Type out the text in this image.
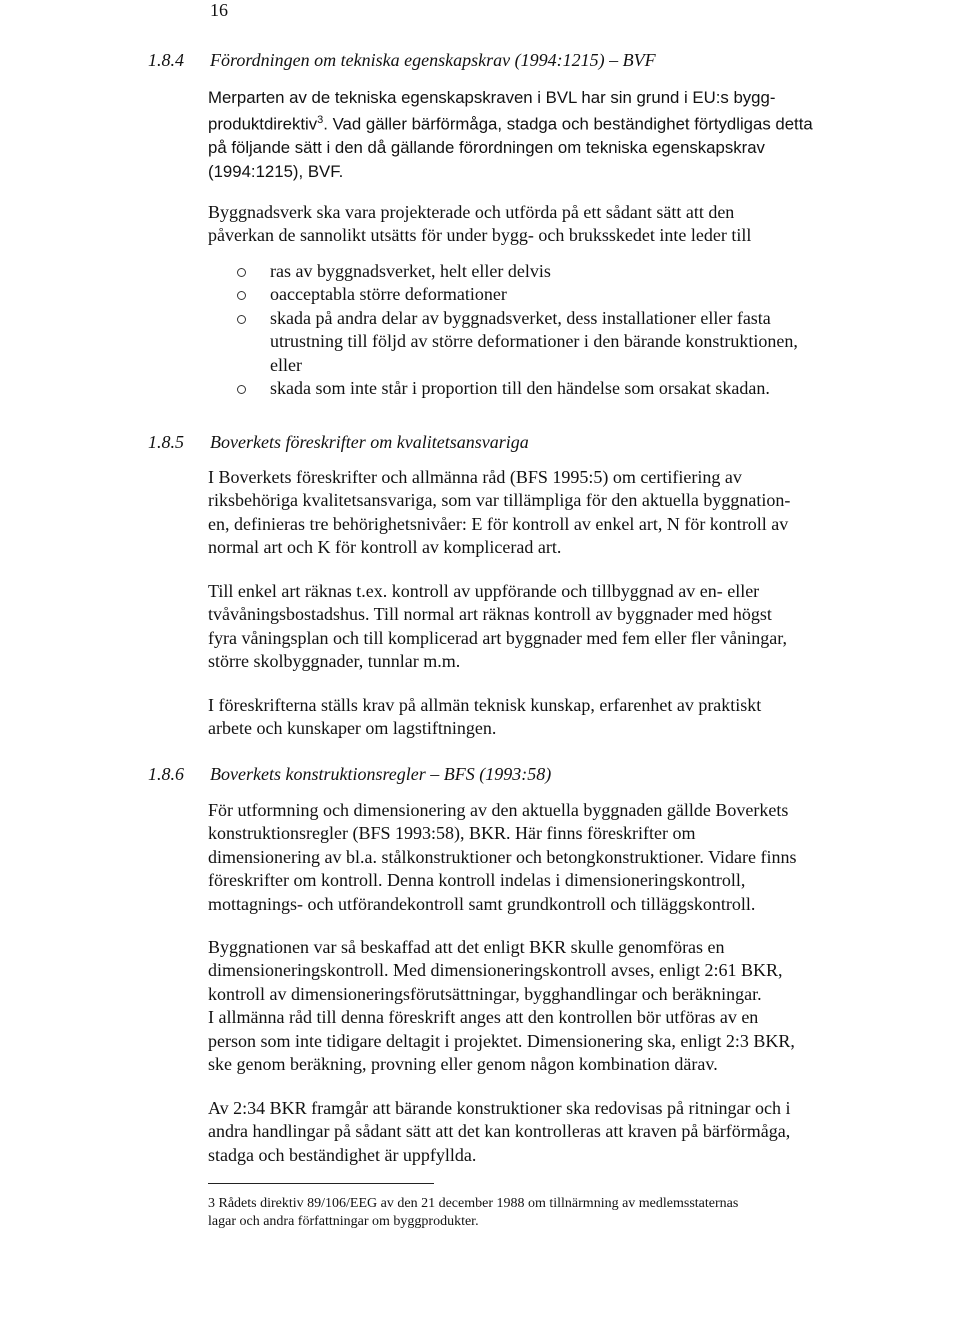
16
1.8.4 Förordningen om tekniska egenskapskrav (1994:1215) – BVF
Merparten av de tekniska egenskapskraven i BVL har sin grund i EU:s bygg-
produktdirektiv$^3$. Vad gäller bärförmåga, stadga och beständighet förtydligas detta
på följande sätt i den då gällande förordningen om tekniska egenskapskrav
(1994:1215), BVF.
Byggnadsverk ska vara projekterade och utförda på ett sådant sätt att den
påverkan de sannolikt utsätts för under bygg- och bruksskedet inte leder till
ras av byggnadsverket, helt eller delvis
oacceptabla större deformationer
skada på andra delar av byggnadsverket, dess installationer eller fasta
utrustning till följd av större deformationer i den bärande konstruktionen,
eller
skada som inte står i proportion till den händelse som orsakat skadan.
1.8.5 Boverkets föreskrifter om kvalitetsansvariga
I Boverkets föreskrifter och allmänna råd (BFS 1995:5) om certifiering av
riksbehöriga kvalitetsansvariga, som var tillämpliga för den aktuella byggnation-
en, definieras tre behörighetsnivåer: E för kontroll av enkel art, N för kontroll av
normal art och K för kontroll av komplicerad art.
Till enkel art räknas t.ex. kontroll av uppförande och tillbyggnad av en- eller
tvåvåningsbostadshus. Till normal art räknas kontroll av byggnader med högst
fyra våningsplan och till komplicerad art byggnader med fem eller fler våningar,
större skolbyggnader, tunnlar m.m.
I föreskrifterna ställs krav på allmän teknisk kunskap, erfarenhet av praktiskt
arbete och kunskaper om lagstiftningen.
1.8.6 Boverkets konstruktionsregler – BFS (1993:58)
För utformning och dimensionering av den aktuella byggnaden gällde Boverkets
konstruktionsregler (BFS 1993:58), BKR. Här finns föreskrifter om
dimensionering av bl.a. stålkonstruktioner och betongkonstruktioner. Vidare finns
föreskrifter om kontroll. Denna kontroll indelas i dimensioneringskontroll,
mottagnings- och utförandekontroll samt grundkontroll och tilläggskontroll.
Byggnationen var så beskaffad att det enligt BKR skulle genomföras en
dimensioneringskontroll. Med dimensioneringskontroll avses, enligt 2:61 BKR,
kontroll av dimensioneringsförutsättningar, bygghandlingar och beräkningar.
I allmänna råd till denna föreskrift anges att den kontrollen bör utföras av en
person som inte tidigare deltagit i projektet. Dimensionering ska, enligt 2:3 BKR,
ske genom beräkning, provning eller genom någon kombination därav.
Av 2:34 BKR framgår att bärande konstruktioner ska redovisas på ritningar och i
andra handlingar på sådant sätt att det kan kontrolleras att kraven på bärförmåga,
stadga och beständighet är uppfyllda.
3 Rådets direktiv 89/106/EEG av den 21 december 1988 om tillnärmning av medlemsstaternas
lagar och andra författningar om byggprodukter.
